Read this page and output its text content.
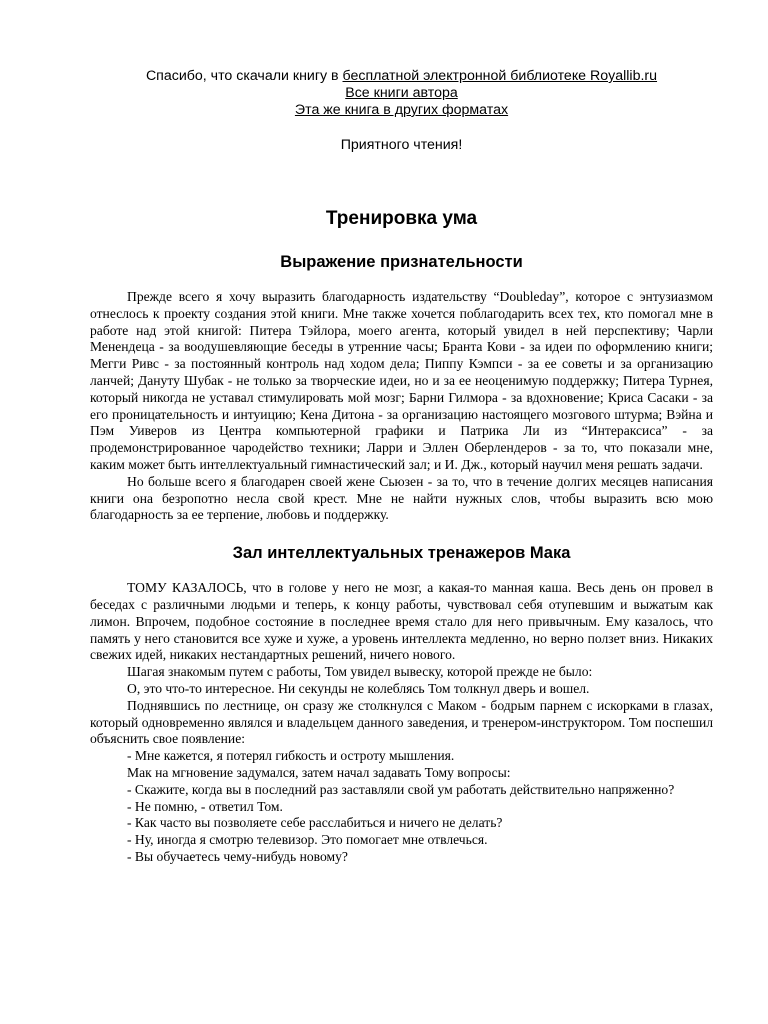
Спасибо, что скачали книгу в бесплатной электронной библиотеке Royallib.ru
Все книги автора
Эта же книга в других форматах
Приятного чтения!
Тренировка ума
Выражение признательности

Прежде всего я хочу выразить благодарность издательству “Doubleday”, которое с энтузиазмом отнеслось к проекту создания этой книги. Мне также хочется поблагодарить всех тех, кто помогал мне в работе над этой книгой: Питера Тэйлора, моего агента, который увидел в ней перспективу; Чарли Менендеца - за воодушевляющие беседы в утренние часы; Бранта Кови - за идеи по оформлению книги; Мегги Ривс - за постоянный контроль над ходом дела; Пиппу Кэмпси - за ее советы и за организацию ланчей; Дануту Шубак - не только за творческие идеи, но и за ее неоценимую поддержку; Питера Турнея, который никогда не уставал стимулировать мой мозг; Барни Гилмора - за вдохновение; Криса Сасаки - за его проницательность и интуицию; Кена Дитона - за организацию настоящего мозгового штурма; Вэйна и Пэм Уиверов из Центра компьютерной графики и Патрика Ли из “Интераксиса” - за продемонстрированное чародейство техники; Ларри и Эллен Оберлендеров - за то, что показали мне, каким может быть интеллектуальный гимнастический зал; и И. Дж., который научил меня решать задачи.

Но больше всего я благодарен своей жене Сьюзен - за то, что в течение долгих месяцев написания книги она безропотно несла свой крест. Мне не найти нужных слов, чтобы выразить всю мою благодарность за ее терпение, любовь и поддержку.

Зал интеллектуальных тренажеров Мака

ТОМУ КАЗАЛОСЬ, что в голове у него не мозг, а какая-то манная каша. Весь день он провел в беседах с различными людьми и теперь, к концу работы, чувствовал себя отупевшим и выжатым как лимон. Впрочем, подобное состояние в последнее время стало для него привычным. Ему казалось, что память у него становится все хуже и хуже, а уровень интеллекта медленно, но верно ползет вниз. Никаких свежих идей, никаких нестандартных решений, ничего нового.

Шагая знакомым путем с работы, Том увидел вывеску, которой прежде не было:

О, это что-то интересное. Ни секунды не колеблясь Том толкнул дверь и вошел.

Поднявшись по лестнице, он сразу же столкнулся с Маком - бодрым парнем с искорками в глазах, который одновременно являлся и владельцем данного заведения, и тренером-инструктором. Том поспешил объяснить свое появление:

- Мне кажется, я потерял гибкость и остроту мышления.

Мак на мгновение задумался, затем начал задавать Тому вопросы:

- Скажите, когда вы в последний раз заставляли свой ум работать действительно напряженно?

- Не помню, - ответил Том.

- Как часто вы позволяете себе расслабиться и ничего не делать?

- Ну, иногда я смотрю телевизор. Это помогает мне отвлечься.

- Вы обучаетесь чему-нибудь новому?
